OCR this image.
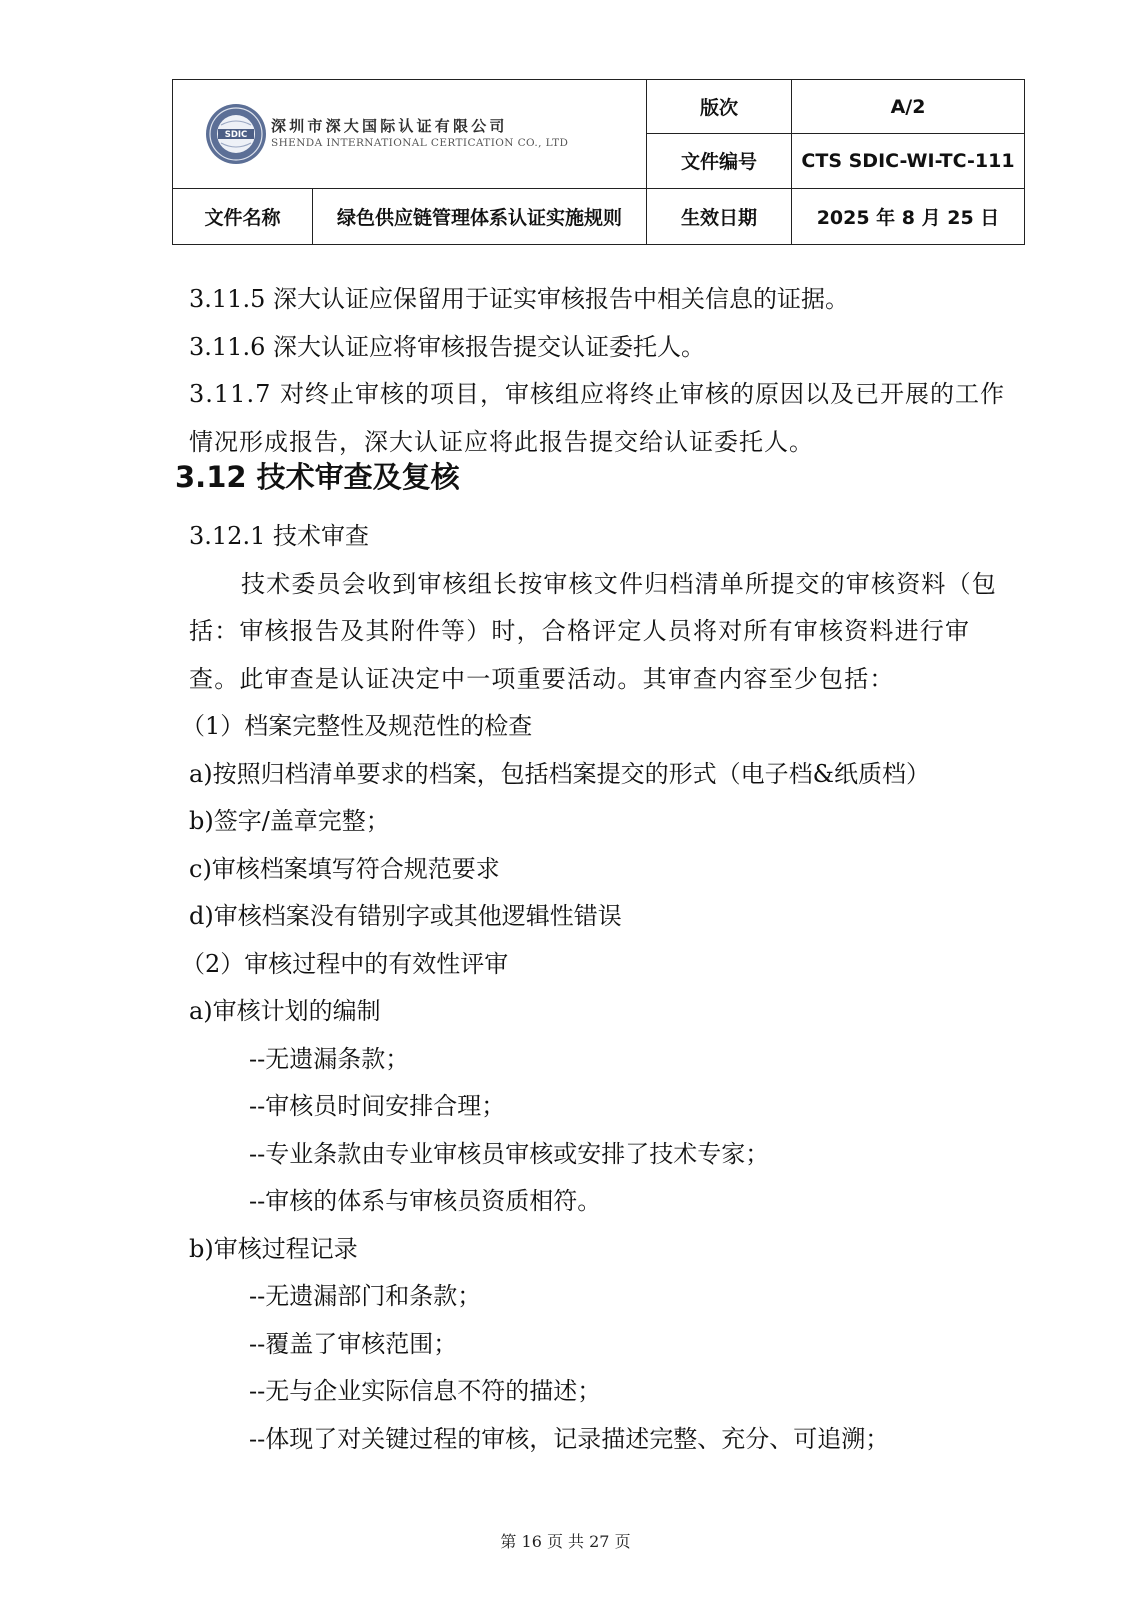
SDIC 深圳市深大国际认证有限公司
SHENDA INTERNATIONAL CERTICATION CO., LTD		版次	A/2
		文件编号	CTS SDIC-WI-TC-111
文件名称	绿色供应链管理体系认证实施规则	生效日期	2025 年 8 月 25 日
3.11.5 深大认证应保留用于证实审核报告中相关信息的证据。
3.11.6 深大认证应将审核报告提交认证委托人。
3.11.7 对终止审核的项目，审核组应将终止审核的原因以及已开展的工作情况形成报告，深大认证应将此报告提交给认证委托人。
3.12 技术审查及复核
3.12.1 技术审查
技术委员会收到审核组长按审核文件归档清单所提交的审核资料（包括：审核报告及其附件等）时，合格评定人员将对所有审核资料进行审查。此审查是认证决定中一项重要活动。其审查内容至少包括：
（1）档案完整性及规范性的检查
a)按照归档清单要求的档案，包括档案提交的形式（电子档&纸质档）
b)签字/盖章完整；
c)审核档案填写符合规范要求
d)审核档案没有错别字或其他逻辑性错误
（2）审核过程中的有效性评审
a)审核计划的编制
--无遗漏条款；
--审核员时间安排合理；
--专业条款由专业审核员审核或安排了技术专家；
--审核的体系与审核员资质相符。
b)审核过程记录
--无遗漏部门和条款；
--覆盖了审核范围；
--无与企业实际信息不符的描述；
--体现了对关键过程的审核，记录描述完整、充分、可追溯；
第 16 页 共 27 页
